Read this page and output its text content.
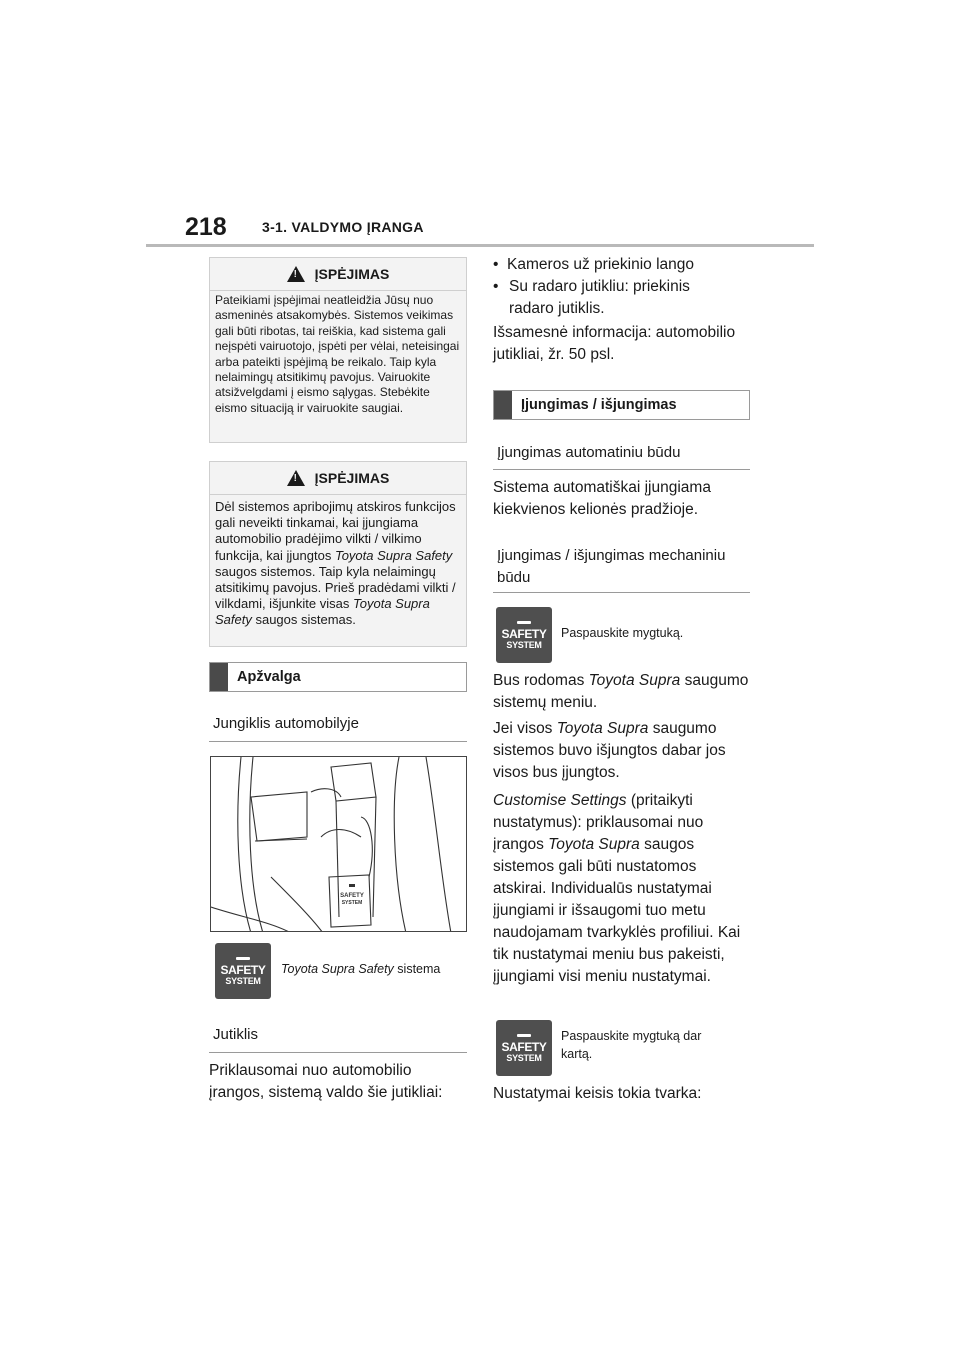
218	3-1. VALDYMO ĮRANGA
!
ĮSPĖJIMAS
Pateikiami įspėjimai neatleidžia Jūsų nuo asmeninės atsakomybės. Sistemos veikimas gali būti ribotas, tai reiškia, kad sistema gali neįspėti vairuotojo, įspėti per vėlai, neteisingai arba pateikti įspėjimą be reikalo. Taip kyla nelaimingų atsitikimų pavojus. Vairuokite atsižvelgdami į eismo sąlygas. Stebėkite eismo situaciją ir vairuokite saugiai.
!
ĮSPĖJIMAS
Dėl sistemos apribojimų atskiros funkcijos gali neveikti tinkamai, kai įjungiama automobilio pradėjimo vilkti / vilkimo funkcija, kai įjungtos Toyota Supra Safety saugos sistemos. Taip kyla nelaimingų atsitikimų pavojus. Prieš pradėdami vilkti / vilkdami, išjunkite visas Toyota Supra Safety saugos sistemas.
Apžvalga
Jungiklis automobilyje
SAFETY
SYSTEM
SAFETY
SYSTEM
Toyota Supra Safety sistema
Jutiklis
Priklausomai nuo automobilio įrangos, sistemą valdo šie jutikliai:
•  Kameros už priekinio lango
• Su radaro jutikliu: priekinis radaro jutiklis.
Išsamesnė informacija: automobilio jutikliai, žr. 50 psl.
Įjungimas / išjungimas
Įjungimas automatiniu būdu
Sistema automatiškai įjungiama kiekvienos kelionės pradžioje.
Įjungimas / išjungimas mechaniniu būdu
SAFETY
SYSTEM
Paspauskite mygtuką.
Bus rodomas Toyota Supra saugumo sistemų meniu.
Jei visos Toyota Supra saugumo sistemos buvo išjungtos dabar jos visos bus įjungtos.
Customise Settings (pritaikyti nustatymus): priklausomai nuo įrangos Toyota Supra saugos sistemos gali būti nustatomos atskirai. Individualūs nustatymai įjungiami ir išsaugomi tuo metu naudojamam tvarkyklės profiliui. Kai tik nustatymai meniu bus pakeisti, įjungiami visi meniu nustatymai.
SAFETY
SYSTEM
Paspauskite mygtuką dar kartą.
Nustatymai keisis tokia tvarka:
